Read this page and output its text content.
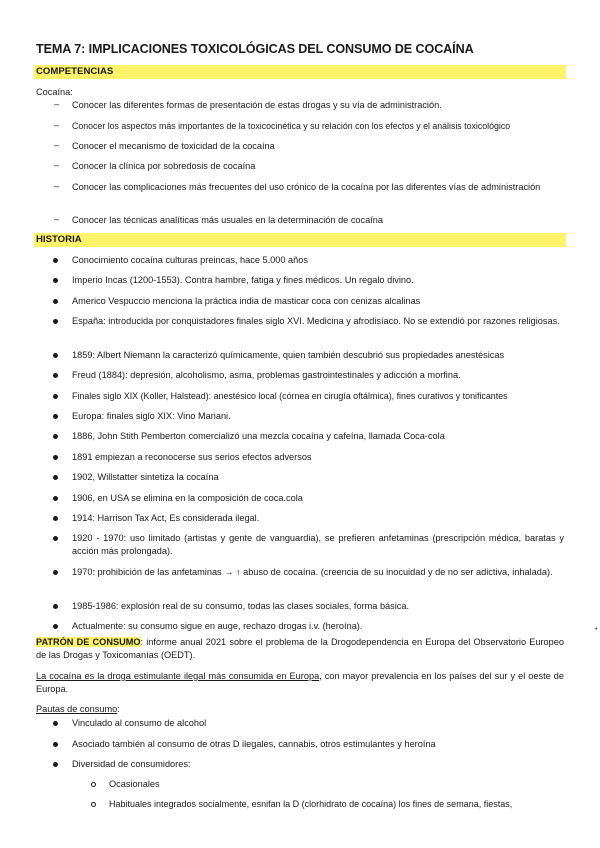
TEMA 7: IMPLICACIONES TOXICOLÓGICAS DEL CONSUMO DE COCAÍNA
COMPETENCIAS
Cocaína:
– Conocer las diferentes formas de presentación de estas drogas y su vía de administración.
– Conocer los aspectos más importantes de la toxicocinética y su relación con los efectos y el análisis toxicológico
– Conocer el mecanismo de toxicidad de la cocaína
– Conocer la clínica por sobredosis de cocaína
– Conocer las complicaciones más frecuentes del uso crónico de la cocaína por las diferentes vías de administración
– Conocer las técnicas analíticas más usuales en la determinación de cocaína
HISTORIA
Conocimiento cocaína culturas preincas, hace 5.000 años
Imperio Incas (1200-1553). Contra hambre, fatiga y fines médicos. Un regalo divino.
Americo Vespuccio menciona la práctica india de masticar coca con cenizas alcalinas
España: introducida por conquistadores finales siglo XVI. Medicina y afrodisíaco. No se extendió por razones religiosas.
1859: Albert Niemann la caracterizó químicamente, quien también descubrió sus propiedades anestésicas
Freud (1884): depresión, alcoholismo, asma, problemas gastrointestinales y adicción a morfina.
Finales siglo XIX (Koller, Halstead): anestésico local (córnea en cirugía oftálmica), fines curativos y tonificantes
Europa: finales siglo XIX: Vino Mariani.
1886, John Stith Pemberton comercializó una mezcla cocaína y cafeína, llamada Coca-cola
1891 empiezan a reconocerse sus serios efectos adversos
1902, Willstatter sintetiza la cocaína
1906, en USA se elimina en la composición de coca.cola
1914: Harrison Tax Act, Es considerada ilegal.
1920 - 1970: uso limitado (artistas y gente de vanguardia), se prefieren anfetaminas (prescripción médica, baratas y acción más prolongada).
1970: prohibición de las anfetaminas → ↑ abuso de cocaína. (creencia de su inocuidad y de no ser adictiva, inhalada).
1985-1986: explosión real de su consumo, todas las clases sociales, forma básica.
Actualmente: su consumo sigue en auge, rechazo drogas i.v. (heroína).	•
PATRÓN DE CONSUMO: informe anual 2021 sobre el problema de la Drogodependencia en Europa del Observatorio Europeo de las Drogas y Toxicomanías (OEDT).
La cocaína es la droga estimulante ilegal más consumida en Europa, con mayor prevalencia en los países del sur y el oeste de Europa.
Pautas de consumo:
Vinculado al consumo de alcohol
Asociado también al consumo de otras D ilegales, cannabis, otros estimulantes y heroína
Diversidad de consumidores:
Ocasionales
Habituales integrados socialmente, esnifan la D (clorhidrato de cocaína) los fines de semana, fiestas,
